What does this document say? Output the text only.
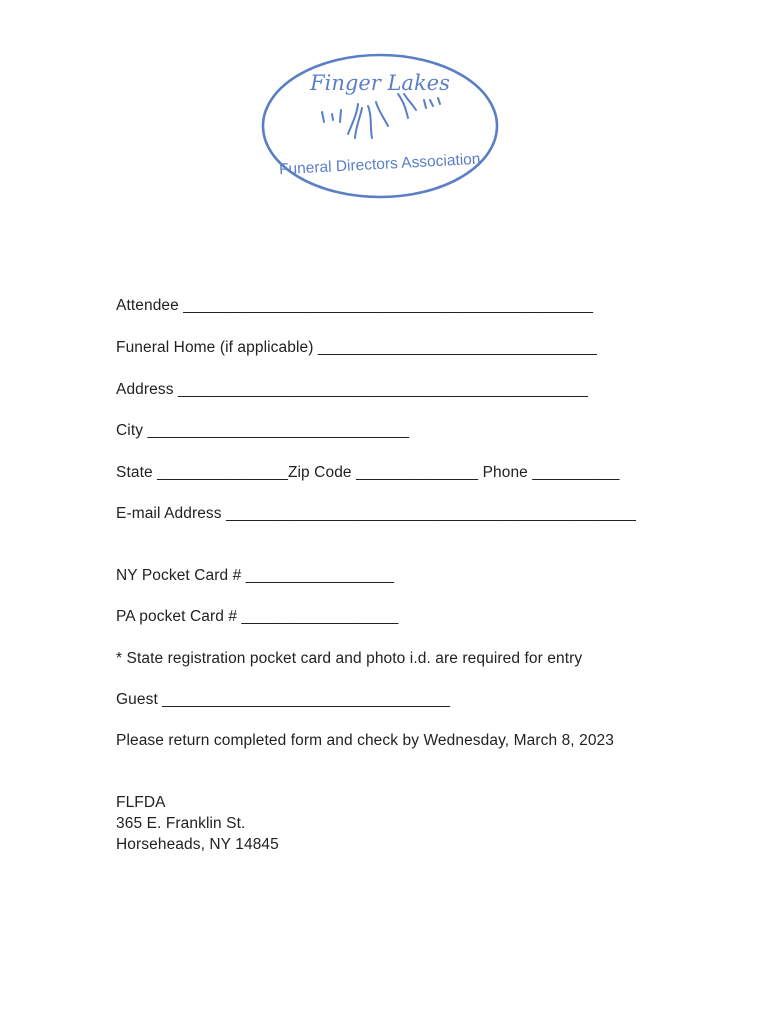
Finger Lakes
Funeral Directors Association
Attendee _______________________________________________
Funeral Home (if applicable) ________________________________
Address _______________________________________________
City ______________________________
State _______________Zip Code ______________ Phone __________
E-mail Address _______________________________________________
NY Pocket Card # _________________
PA pocket Card # __________________
* State registration pocket card and photo i.d. are required for entry
Guest _________________________________
Please return completed form and check by Wednesday, March 8, 2023
FLFDA
365 E. Franklin St.
Horseheads, NY 14845
